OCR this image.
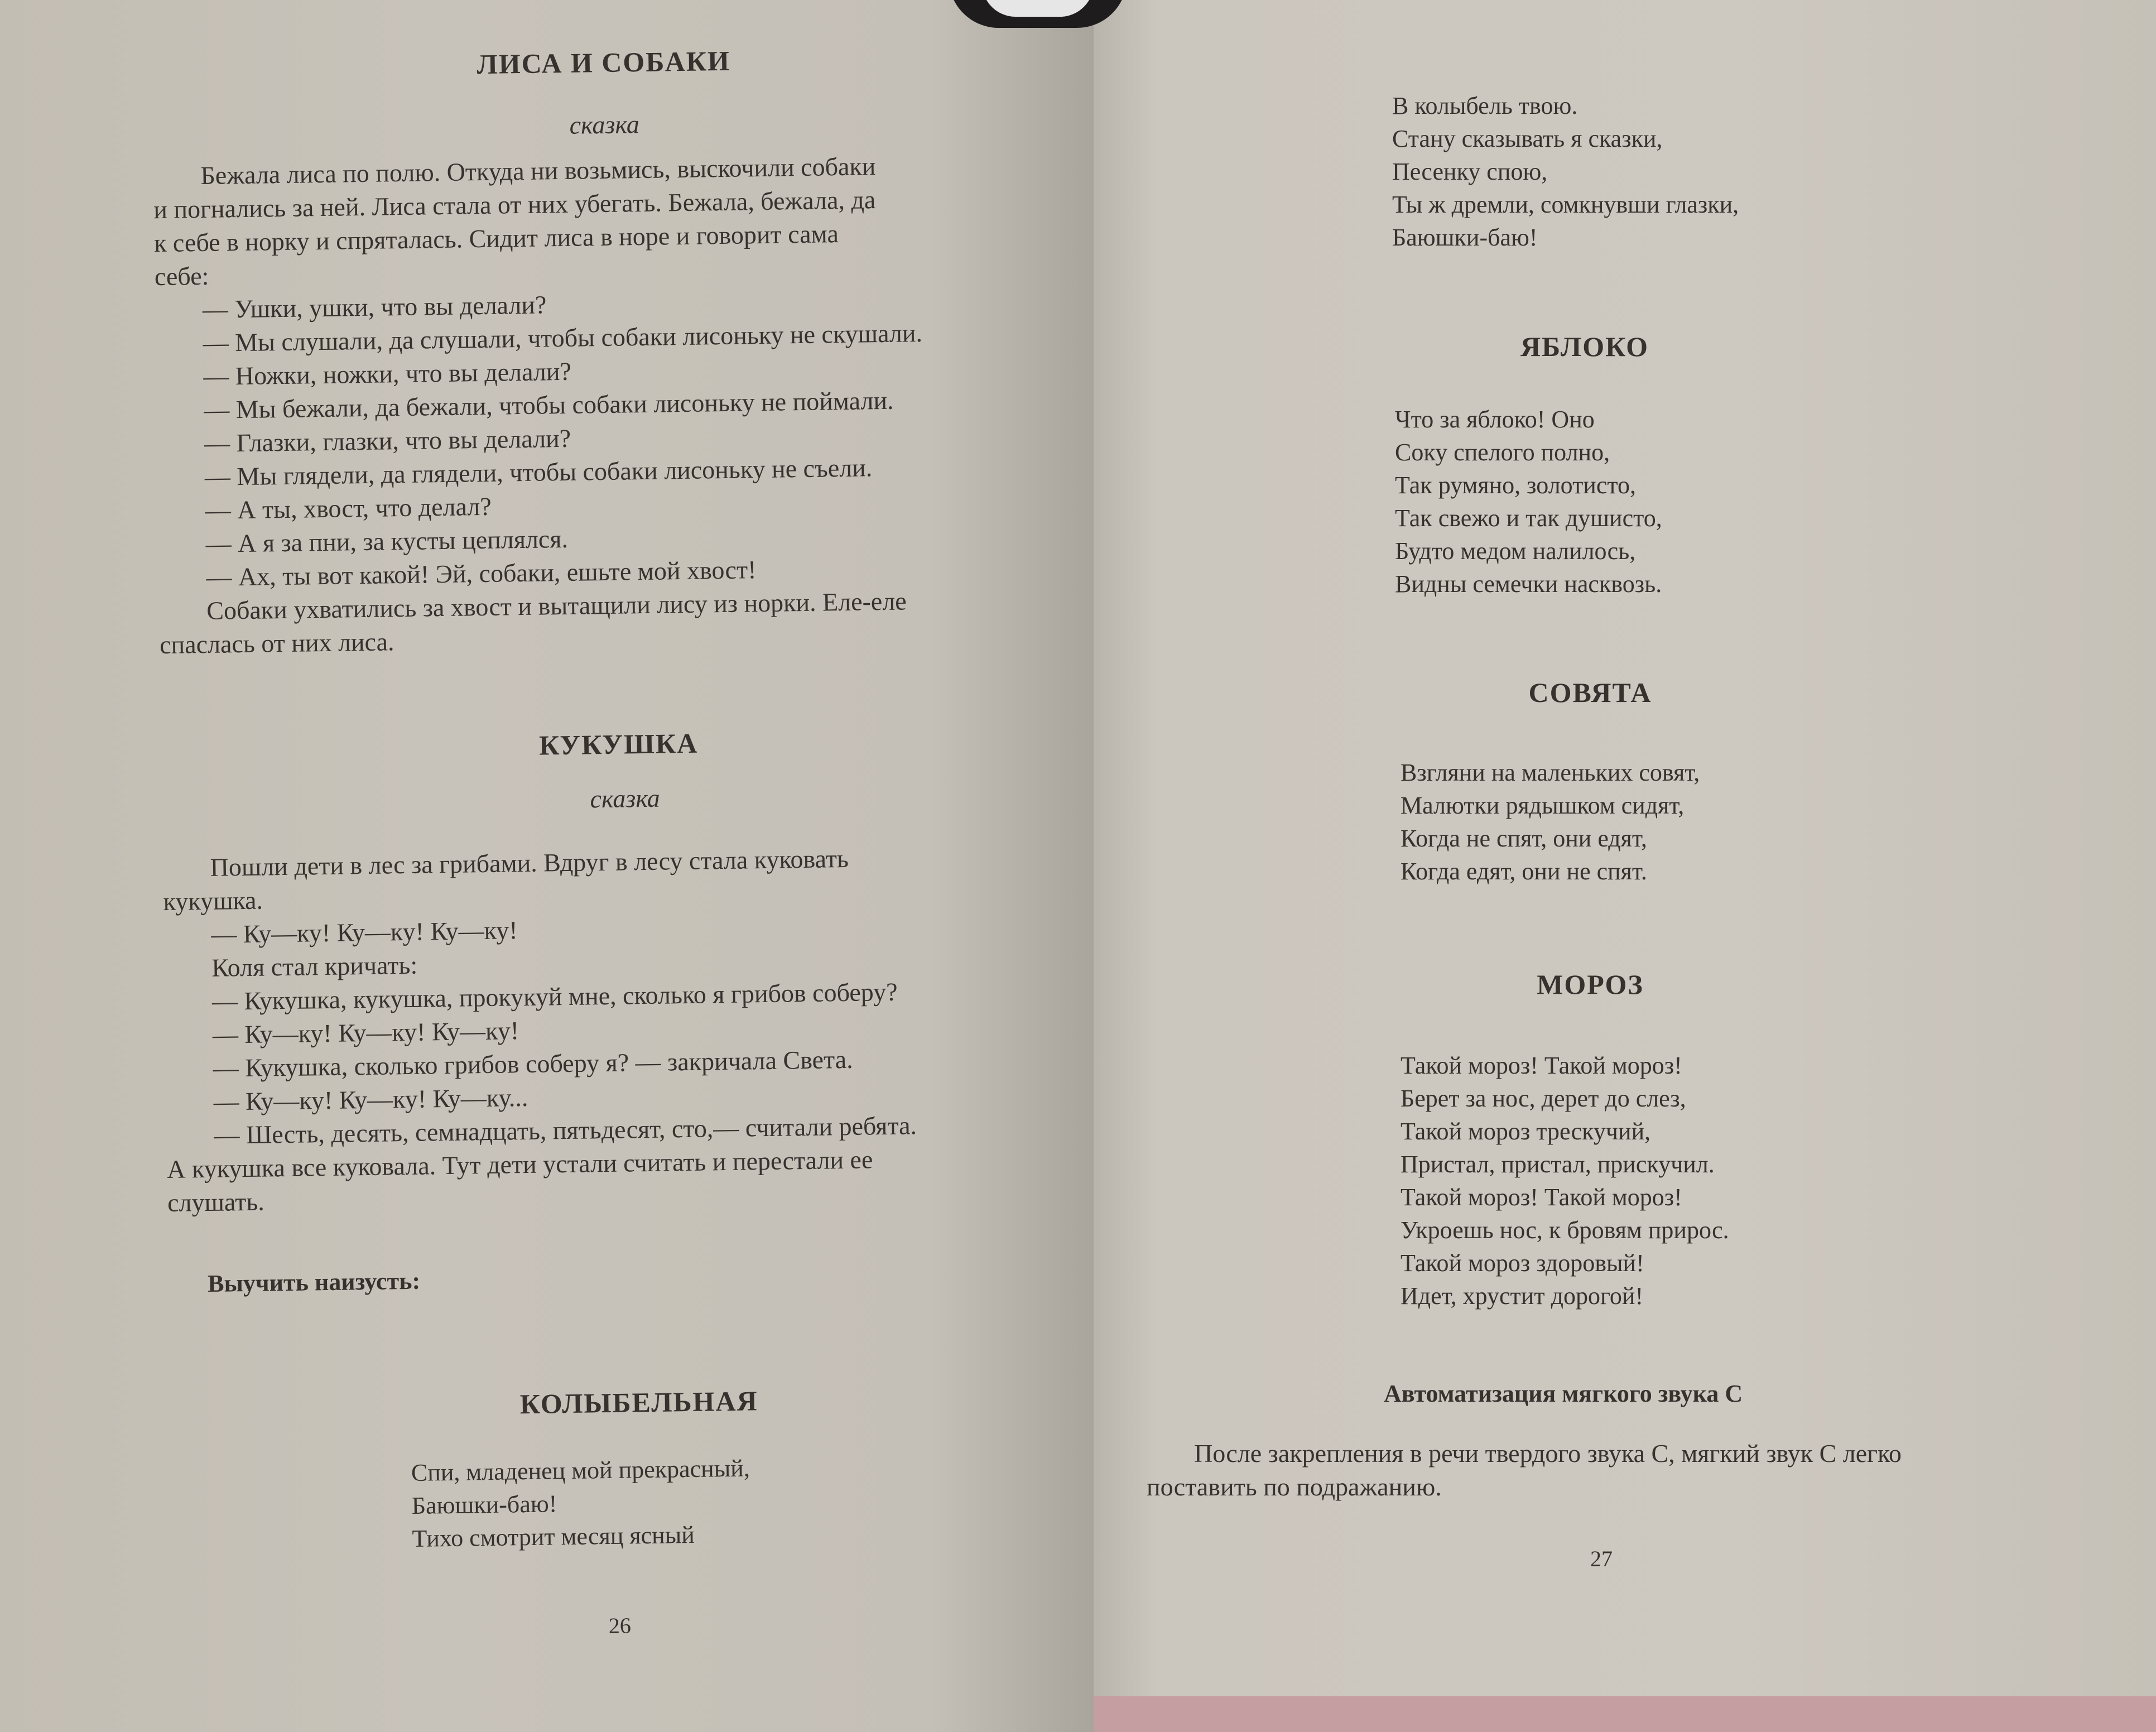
ЛИСА И СОБАКИ
сказка
Бежала лиса по полю. Откуда ни возьмись, выскочили собаки
и погнались за ней. Лиса стала от них убегать. Бежала, бежала, да
к себе в норку и спряталась. Сидит лиса в норе и говорит сама
себе:
— Ушки, ушки, что вы делали?
— Мы слушали, да слушали, чтобы собаки лисоньку не скушали.
— Ножки, ножки, что вы делали?
— Мы бежали, да бежали, чтобы собаки лисоньку не поймали.
— Глазки, глазки, что вы делали?
— Мы глядели, да глядели, чтобы собаки лисоньку не съели.
— А ты, хвост, что делал?
— А я за пни, за кусты цеплялся.
— Ах, ты вот какой! Эй, собаки, ешьте мой хвост!
Собаки ухватились за хвост и вытащили лису из норки. Еле-еле
спаслась от них лиса.
КУКУШКА
сказка
Пошли дети в лес за грибами. Вдруг в лесу стала куковать
кукушка.
— Ку—ку! Ку—ку! Ку—ку!
Коля стал кричать:
— Кукушка, кукушка, прокукуй мне, сколько я грибов соберу?
— Ку—ку! Ку—ку! Ку—ку!
— Кукушка, сколько грибов соберу я? — закричала Света.
— Ку—ку! Ку—ку! Ку—ку...
— Шесть, десять, семнадцать, пятьдесят, сто,— считали ребята.
А кукушка все куковала. Тут дети устали считать и перестали ее
слушать.
Выучить наизусть:
КОЛЫБЕЛЬНАЯ
Спи, младенец мой прекрасный,
Баюшки-баю!
Тихо смотрит месяц ясный
26
В колыбель твою.
Стану сказывать я сказки,
Песенку спою,
Ты ж дремли, сомкнувши глазки,
Баюшки-баю!
ЯБЛОКО
Что за яблоко! Оно
Соку спелого полно,
Так румяно, золотисто,
Так свежо и так душисто,
Будто медом налилось,
Видны семечки насквозь.
СОВЯТА
Взгляни на маленьких совят,
Малютки рядышком сидят,
Когда не спят, они едят,
Когда едят, они не спят.
МОРОЗ
Такой мороз! Такой мороз!
Берет за нос, дерет до слез,
Такой мороз трескучий,
Пристал, пристал, прискучил.
Такой мороз! Такой мороз!
Укроешь нос, к бровям прирос.
Такой мороз здоровый!
Идет, хрустит дорогой!
Автоматизация мягкого звука С
После закрепления в речи твердого звука С, мягкий звук С легко
поставить по подражанию.
27
